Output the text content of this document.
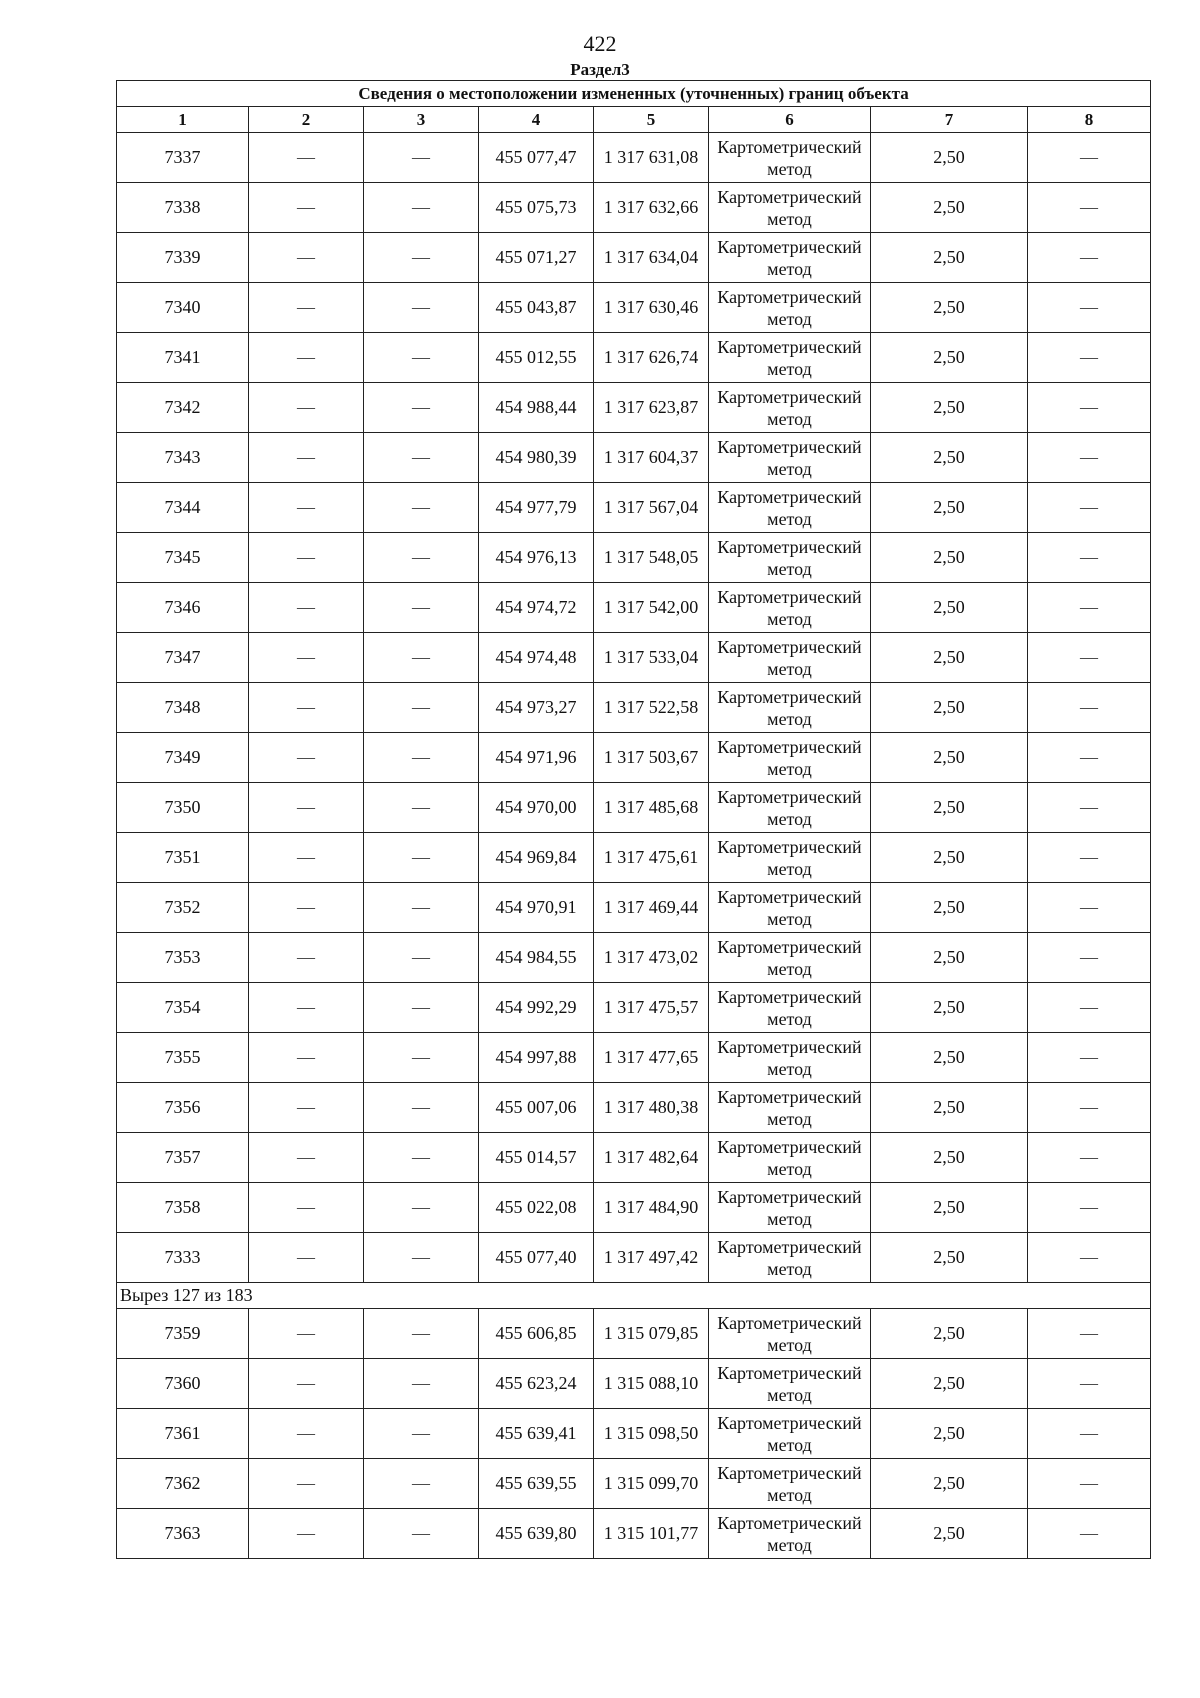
422
Раздел3
Сведения о местоположении измененных (уточненных) границ объекта							
1	2	3	4	5	6	7	8
7337	—	—	455 077,47	1 317 631,08	Картометрический метод	2,50	—
7338	—	—	455 075,73	1 317 632,66	Картометрический метод	2,50	—
7339	—	—	455 071,27	1 317 634,04	Картометрический метод	2,50	—
7340	—	—	455 043,87	1 317 630,46	Картометрический метод	2,50	—
7341	—	—	455 012,55	1 317 626,74	Картометрический метод	2,50	—
7342	—	—	454 988,44	1 317 623,87	Картометрический метод	2,50	—
7343	—	—	454 980,39	1 317 604,37	Картометрический метод	2,50	—
7344	—	—	454 977,79	1 317 567,04	Картометрический метод	2,50	—
7345	—	—	454 976,13	1 317 548,05	Картометрический метод	2,50	—
7346	—	—	454 974,72	1 317 542,00	Картометрический метод	2,50	—
7347	—	—	454 974,48	1 317 533,04	Картометрический метод	2,50	—
7348	—	—	454 973,27	1 317 522,58	Картометрический метод	2,50	—
7349	—	—	454 971,96	1 317 503,67	Картометрический метод	2,50	—
7350	—	—	454 970,00	1 317 485,68	Картометрический метод	2,50	—
7351	—	—	454 969,84	1 317 475,61	Картометрический метод	2,50	—
7352	—	—	454 970,91	1 317 469,44	Картометрический метод	2,50	—
7353	—	—	454 984,55	1 317 473,02	Картометрический метод	2,50	—
7354	—	—	454 992,29	1 317 475,57	Картометрический метод	2,50	—
7355	—	—	454 997,88	1 317 477,65	Картометрический метод	2,50	—
7356	—	—	455 007,06	1 317 480,38	Картометрический метод	2,50	—
7357	—	—	455 014,57	1 317 482,64	Картометрический метод	2,50	—
7358	—	—	455 022,08	1 317 484,90	Картометрический метод	2,50	—
7333	—	—	455 077,40	1 317 497,42	Картометрический метод	2,50	—
Вырез 127 из 183							
7359	—	—	455 606,85	1 315 079,85	Картометрический метод	2,50	—
7360	—	—	455 623,24	1 315 088,10	Картометрический метод	2,50	—
7361	—	—	455 639,41	1 315 098,50	Картометрический метод	2,50	—
7362	—	—	455 639,55	1 315 099,70	Картометрический метод	2,50	—
7363	—	—	455 639,80	1 315 101,77	Картометрический метод	2,50	—
